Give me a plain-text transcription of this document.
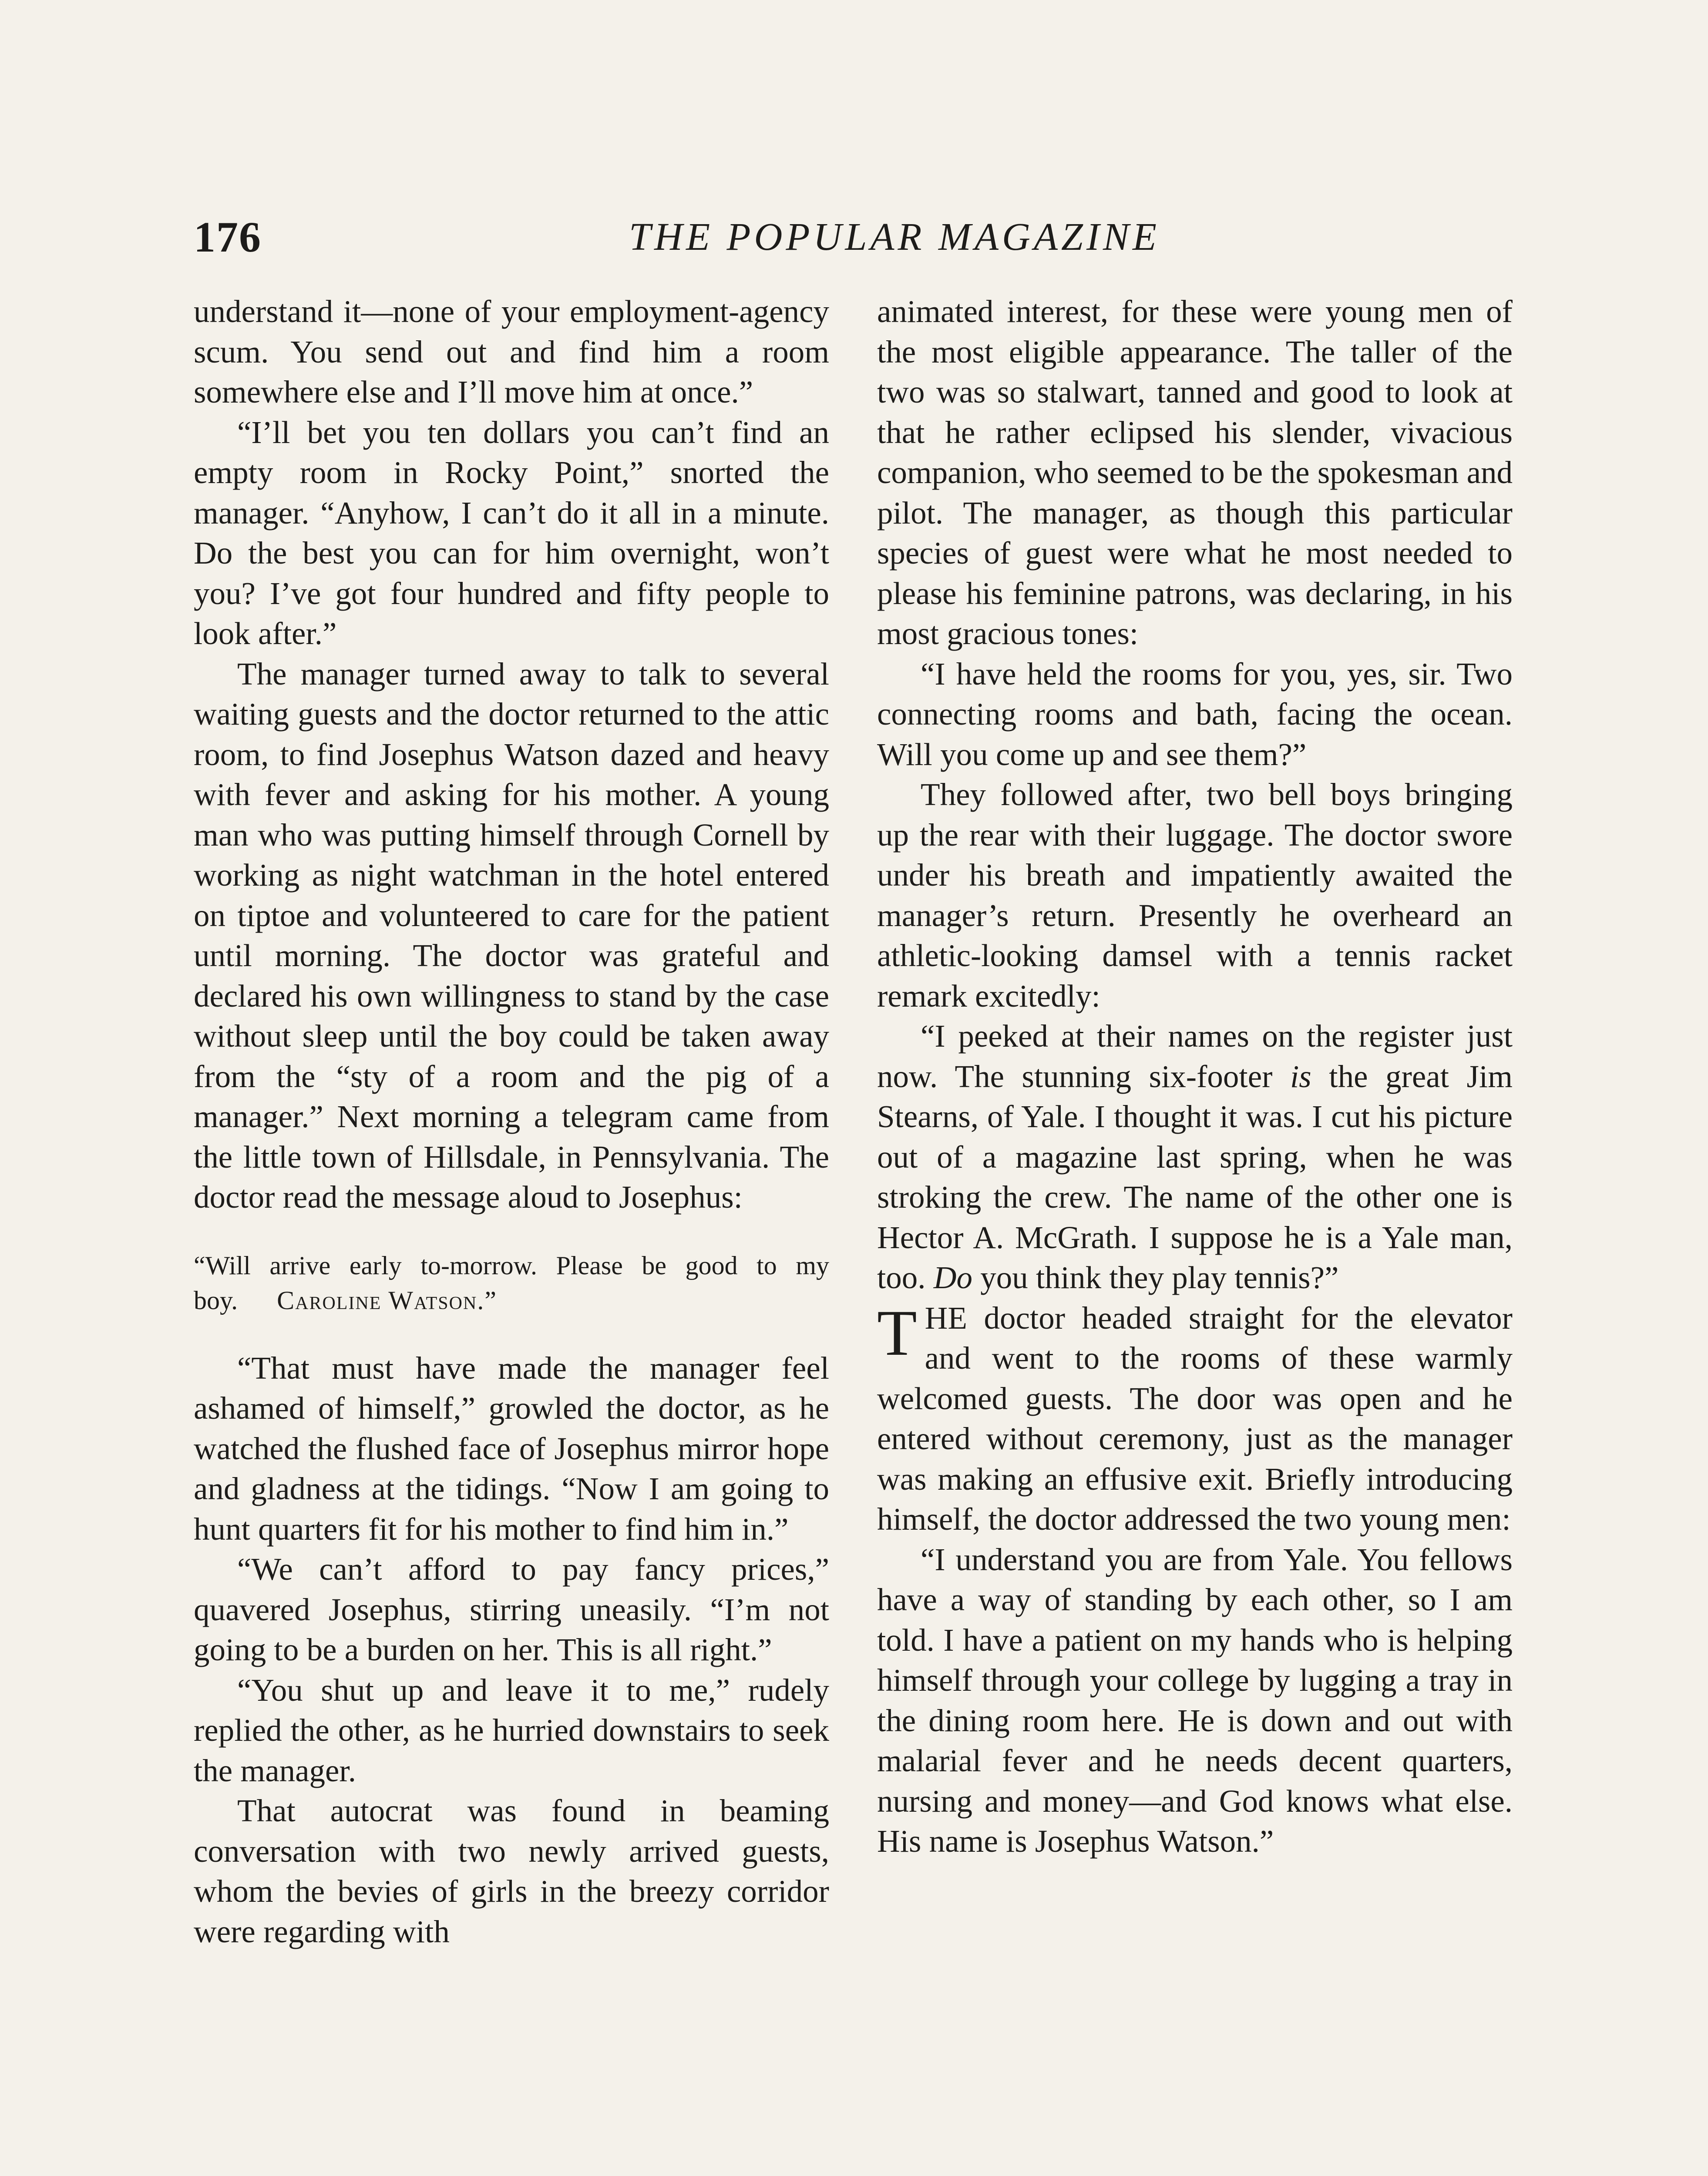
176	THE POPULAR MAGAZINE

understand it—none of your employment-agency scum. You send out and find him a room somewhere else and I’ll move him at once.”

“I’ll bet you ten dollars you can’t find an empty room in Rocky Point,” snorted the manager. “Anyhow, I can’t do it all in a minute. Do the best you can for him overnight, won’t you? I’ve got four hundred and fifty people to look after.”

The manager turned away to talk to several waiting guests and the doctor returned to the attic room, to find Josephus Watson dazed and heavy with fever and asking for his mother. A young man who was putting himself through Cornell by working as night watchman in the hotel entered on tiptoe and volunteered to care for the patient until morning. The doctor was grateful and declared his own willingness to stand by the case without sleep until the boy could be taken away from the “sty of a room and the pig of a manager.” Next morning a telegram came from the little town of Hillsdale, in Pennsylvania. The doctor read the message aloud to Josephus:

“Will arrive early to-morrow. Please be good to my boy. Caroline Watson.”

“That must have made the manager feel ashamed of himself,” growled the doctor, as he watched the flushed face of Josephus mirror hope and gladness at the tidings. “Now I am going to hunt quarters fit for his mother to find him in.”

“We can’t afford to pay fancy prices,” quavered Josephus, stirring uneasily. “I’m not going to be a burden on her. This is all right.”

“You shut up and leave it to me,” rudely replied the other, as he hurried downstairs to seek the manager.

That autocrat was found in beaming conversation with two newly arrived guests, whom the bevies of girls in the breezy corridor were regarding with

animated interest, for these were young men of the most eligible appearance. The taller of the two was so stalwart, tanned and good to look at that he rather eclipsed his slender, vivacious companion, who seemed to be the spokesman and pilot. The manager, as though this particular species of guest were what he most needed to please his feminine patrons, was declaring, in his most gracious tones:

“I have held the rooms for you, yes, sir. Two connecting rooms and bath, facing the ocean. Will you come up and see them?”

They followed after, two bell boys bringing up the rear with their luggage. The doctor swore under his breath and impatiently awaited the manager’s return. Presently he overheard an athletic-looking damsel with a tennis racket remark excitedly:

“I peeked at their names on the register just now. The stunning six-footer is the great Jim Stearns, of Yale. I thought it was. I cut his picture out of a magazine last spring, when he was stroking the crew. The name of the other one is Hector A. McGrath. I suppose he is a Yale man, too. Do you think they play tennis?”

THE doctor headed straight for the elevator and went to the rooms of these warmly welcomed guests. The door was open and he entered without ceremony, just as the manager was making an effusive exit. Briefly introducing himself, the doctor addressed the two young men:

“I understand you are from Yale. You fellows have a way of standing by each other, so I am told. I have a patient on my hands who is helping himself through your college by lugging a tray in the dining room here. He is down and out with malarial fever and he needs decent quarters, nursing and money—and God knows what else. His name is Josephus Watson.”
